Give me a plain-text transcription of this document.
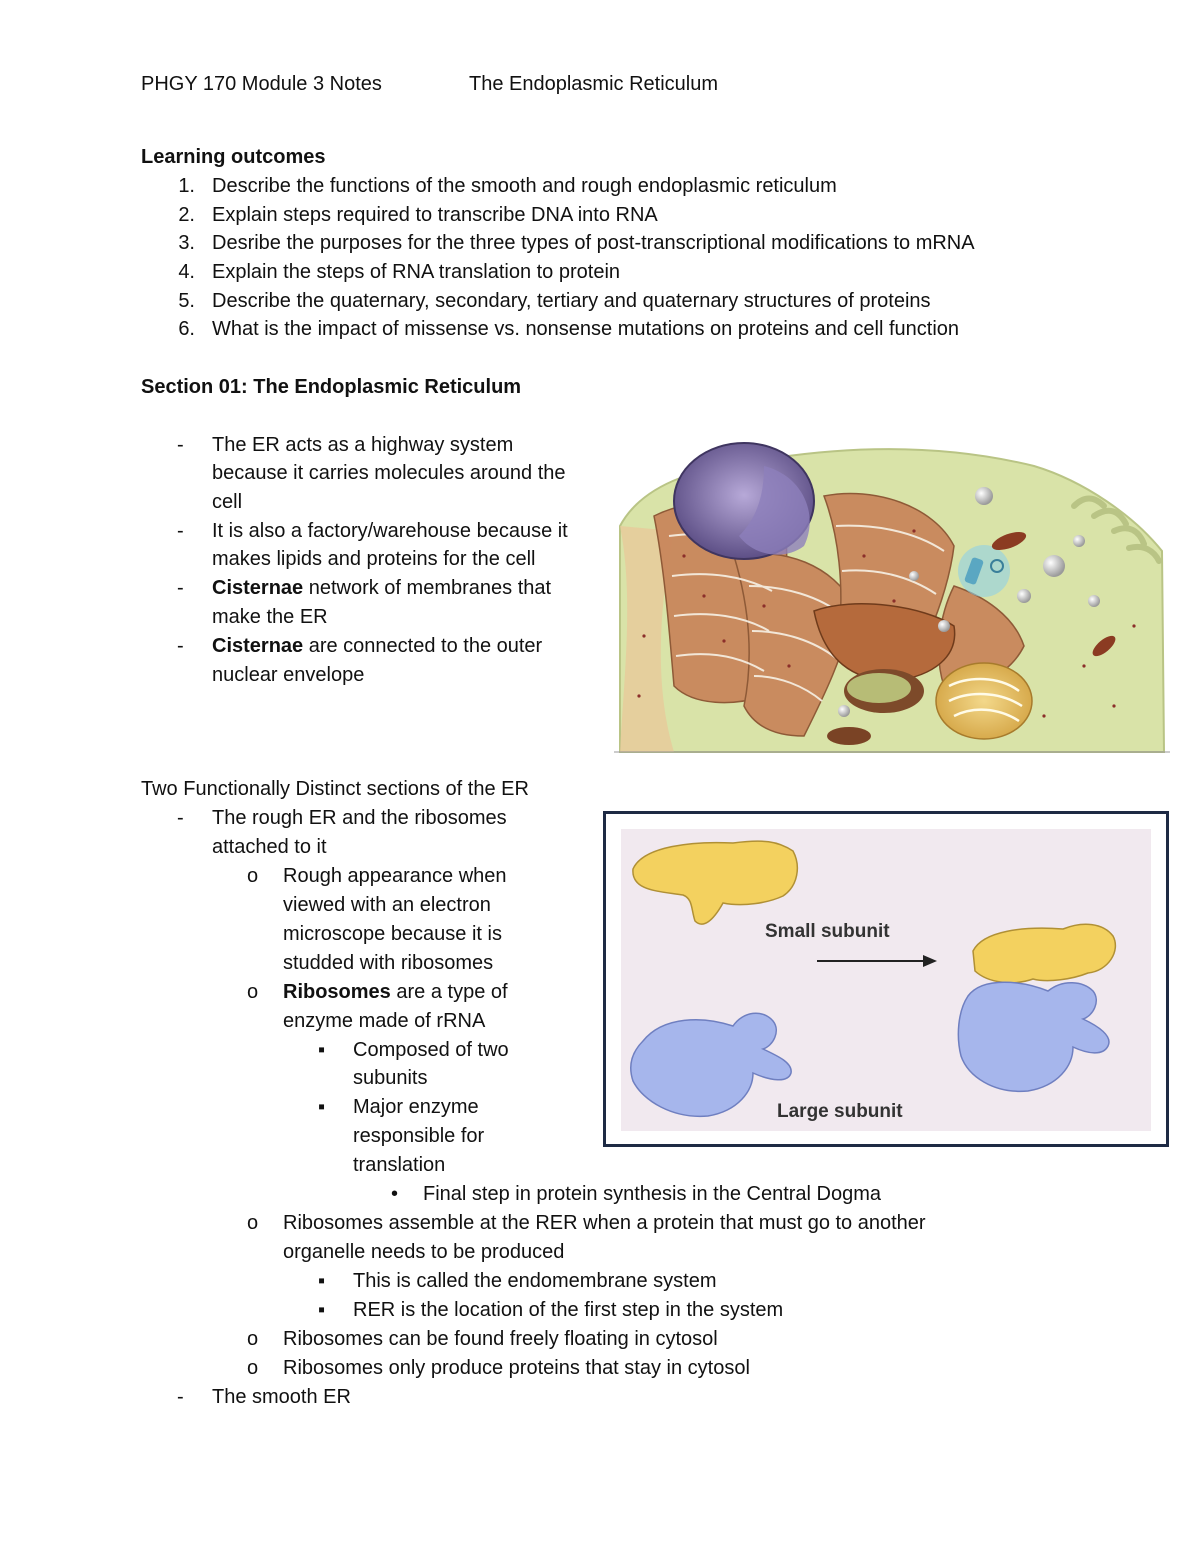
PHGY 170 Module 3 Notes	The Endoplasmic Reticulum
Learning outcomes
1. Describe the functions of the smooth and rough endoplasmic reticulum
2. Explain steps required to transcribe DNA into RNA
3. Desribe the purposes for the three types of post-transcriptional modifications to mRNA
4. Explain the steps of RNA translation to protein
5. Describe the quaternary, secondary, tertiary and quaternary structures of proteins
6. What is the impact of missense vs. nonsense mutations on proteins and cell function
Section 01: The Endoplasmic Reticulum
-	The ER acts as a highway system
because it carries molecules around the
cell
-	It is also a factory/warehouse because it
makes lipids and proteins for the cell
-	Cisternae network of membranes that
make the ER
-	Cisternae are connected to the outer
nuclear envelope
Two Functionally Distinct sections of the ER
-	The rough ER and the ribosomes
attached to it
o	Rough appearance when
viewed with an electron
microscope because it is
studded with ribosomes
o	Ribosomes are a type of
enzyme made of rRNA
▪	Composed of two
subunits
▪	Major enzyme
responsible for
translation
•	Final step in protein synthesis in the Central Dogma
o	Ribosomes assemble at the RER when a protein that must go to another
organelle needs to be produced
▪	This is called the endomembrane system
▪	RER is the location of the first step in the system
o	Ribosomes can be found freely floating in cytosol
o	Ribosomes only produce proteins that stay in cytosol
-	The smooth ER
Small subunit
Large subunit
